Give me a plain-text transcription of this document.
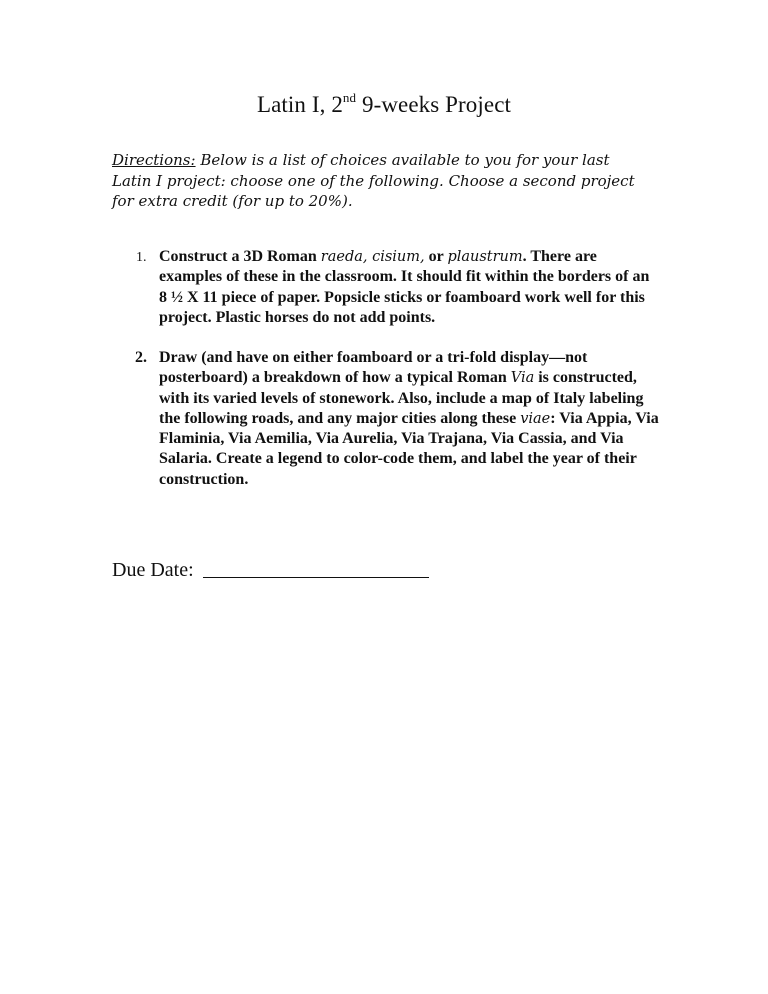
Latin I, 2nd 9-weeks Project
Directions: Below is a list of choices available to you for your last Latin I project: choose one of the following. Choose a second project for extra credit (for up to 20%).
1. Construct a 3D Roman raeda, cisium, or plaustrum. There are examples of these in the classroom. It should fit within the borders of an 8 ½ X 11 piece of paper. Popsicle sticks or foamboard work well for this project. Plastic horses do not add points.
2. Draw (and have on either foamboard or a tri-fold display—not posterboard) a breakdown of how a typical Roman Via is constructed, with its varied levels of stonework. Also, include a map of Italy labeling the following roads, and any major cities along these viae: Via Appia, Via Flaminia, Via Aemilia, Via Aurelia, Via Trajana, Via Cassia, and Via Salaria. Create a legend to color-code them, and label the year of their construction.
Due Date:
